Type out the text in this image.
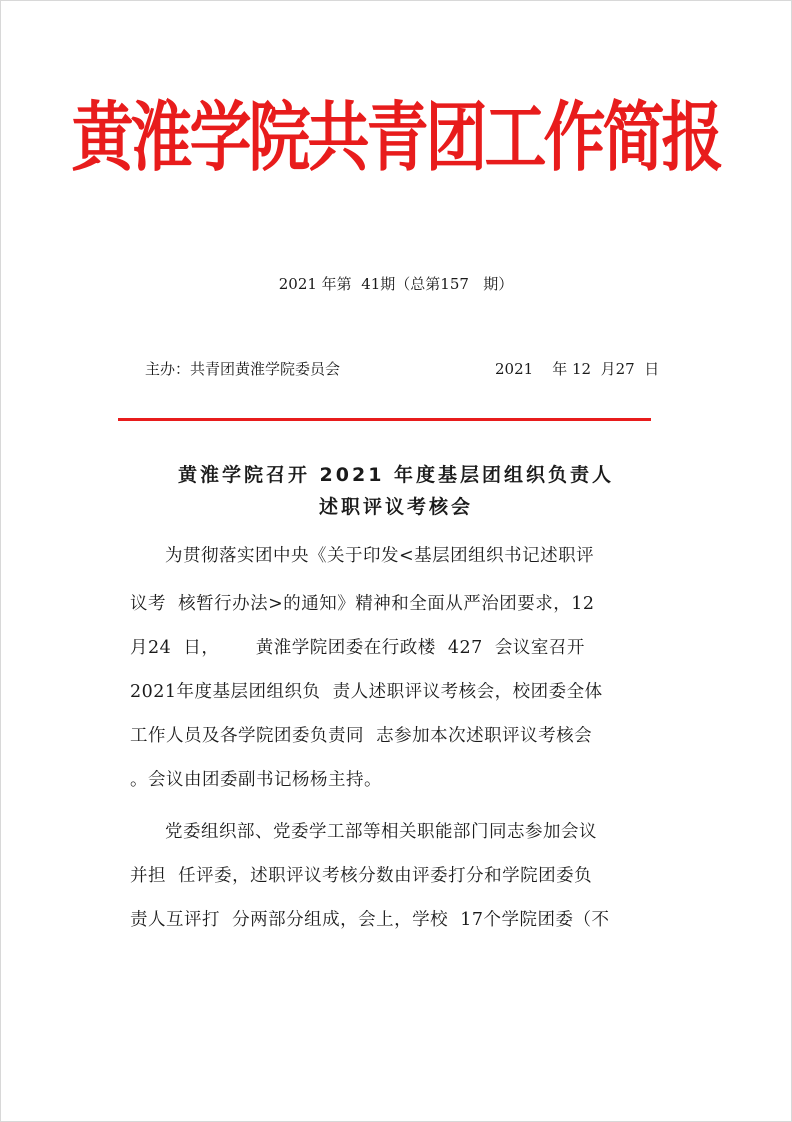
黄淮学院共青团工作简报
2021 年第  41期（总第157   期）
主办：共青团黄淮学院委员会	2021    年 12  月27  日
黄淮学院召开 2021 年度基层团组织负责人
述职评议考核会
为贯彻落实团中央《关于印发<基层团组织书记述职评
议考  核暂行办法>的通知》精神和全面从严治团要求，12
月24  日，      黄淮学院团委在行政楼  427  会议室召开
2021年度基层团组织负  责人述职评议考核会，校团委全体
工作人员及各学院团委负责同  志参加本次述职评议考核会
。会议由团委副书记杨杨主持。
党委组织部、党委学工部等相关职能部门同志参加会议
并担  任评委，述职评议考核分数由评委打分和学院团委负
责人互评打  分两部分组成，会上，学校  17个学院团委（不
